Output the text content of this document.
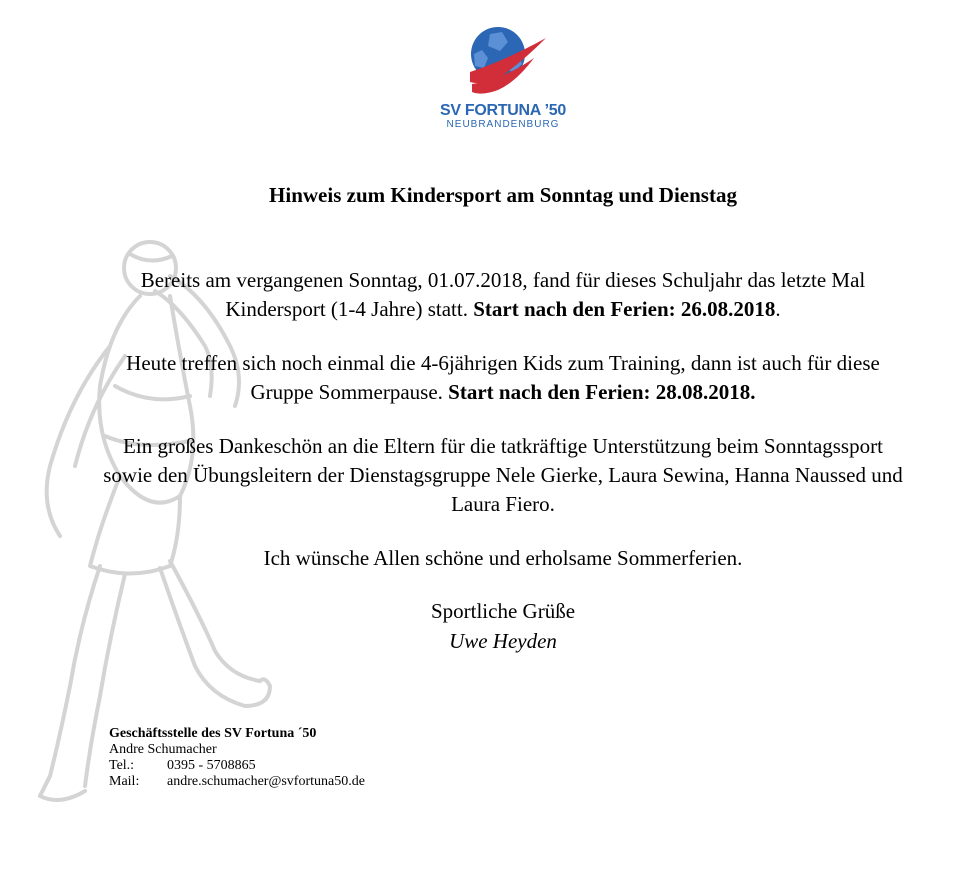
SV FORTUNA ’50
NEUBRANDENBURG
Hinweis zum Kindersport am Sonntag und Dienstag
Bereits am vergangenen Sonntag, 01.07.2018, fand für dieses Schuljahr das letzte Mal Kindersport (1-4 Jahre) statt. Start nach den Ferien: 26.08.2018.
Heute treffen sich noch einmal die 4-6jährigen Kids zum Training, dann ist auch für diese Gruppe Sommerpause. Start nach den Ferien: 28.08.2018.
Ein großes Dankeschön an die Eltern für die tatkräftige Unterstützung beim Sonntagssport sowie den Übungsleitern der Dienstagsgruppe Nele Gierke, Laura Sewina, Hanna Naussed und Laura Fiero.
Ich wünsche Allen schöne und erholsame Sommerferien.
Sportliche Grüße
Uwe Heyden
Geschäftsstelle des SV Fortuna ´50
Andre Schumacher
Tel.: 0395 - 5708865
Mail: andre.schumacher@svfortuna50.de
